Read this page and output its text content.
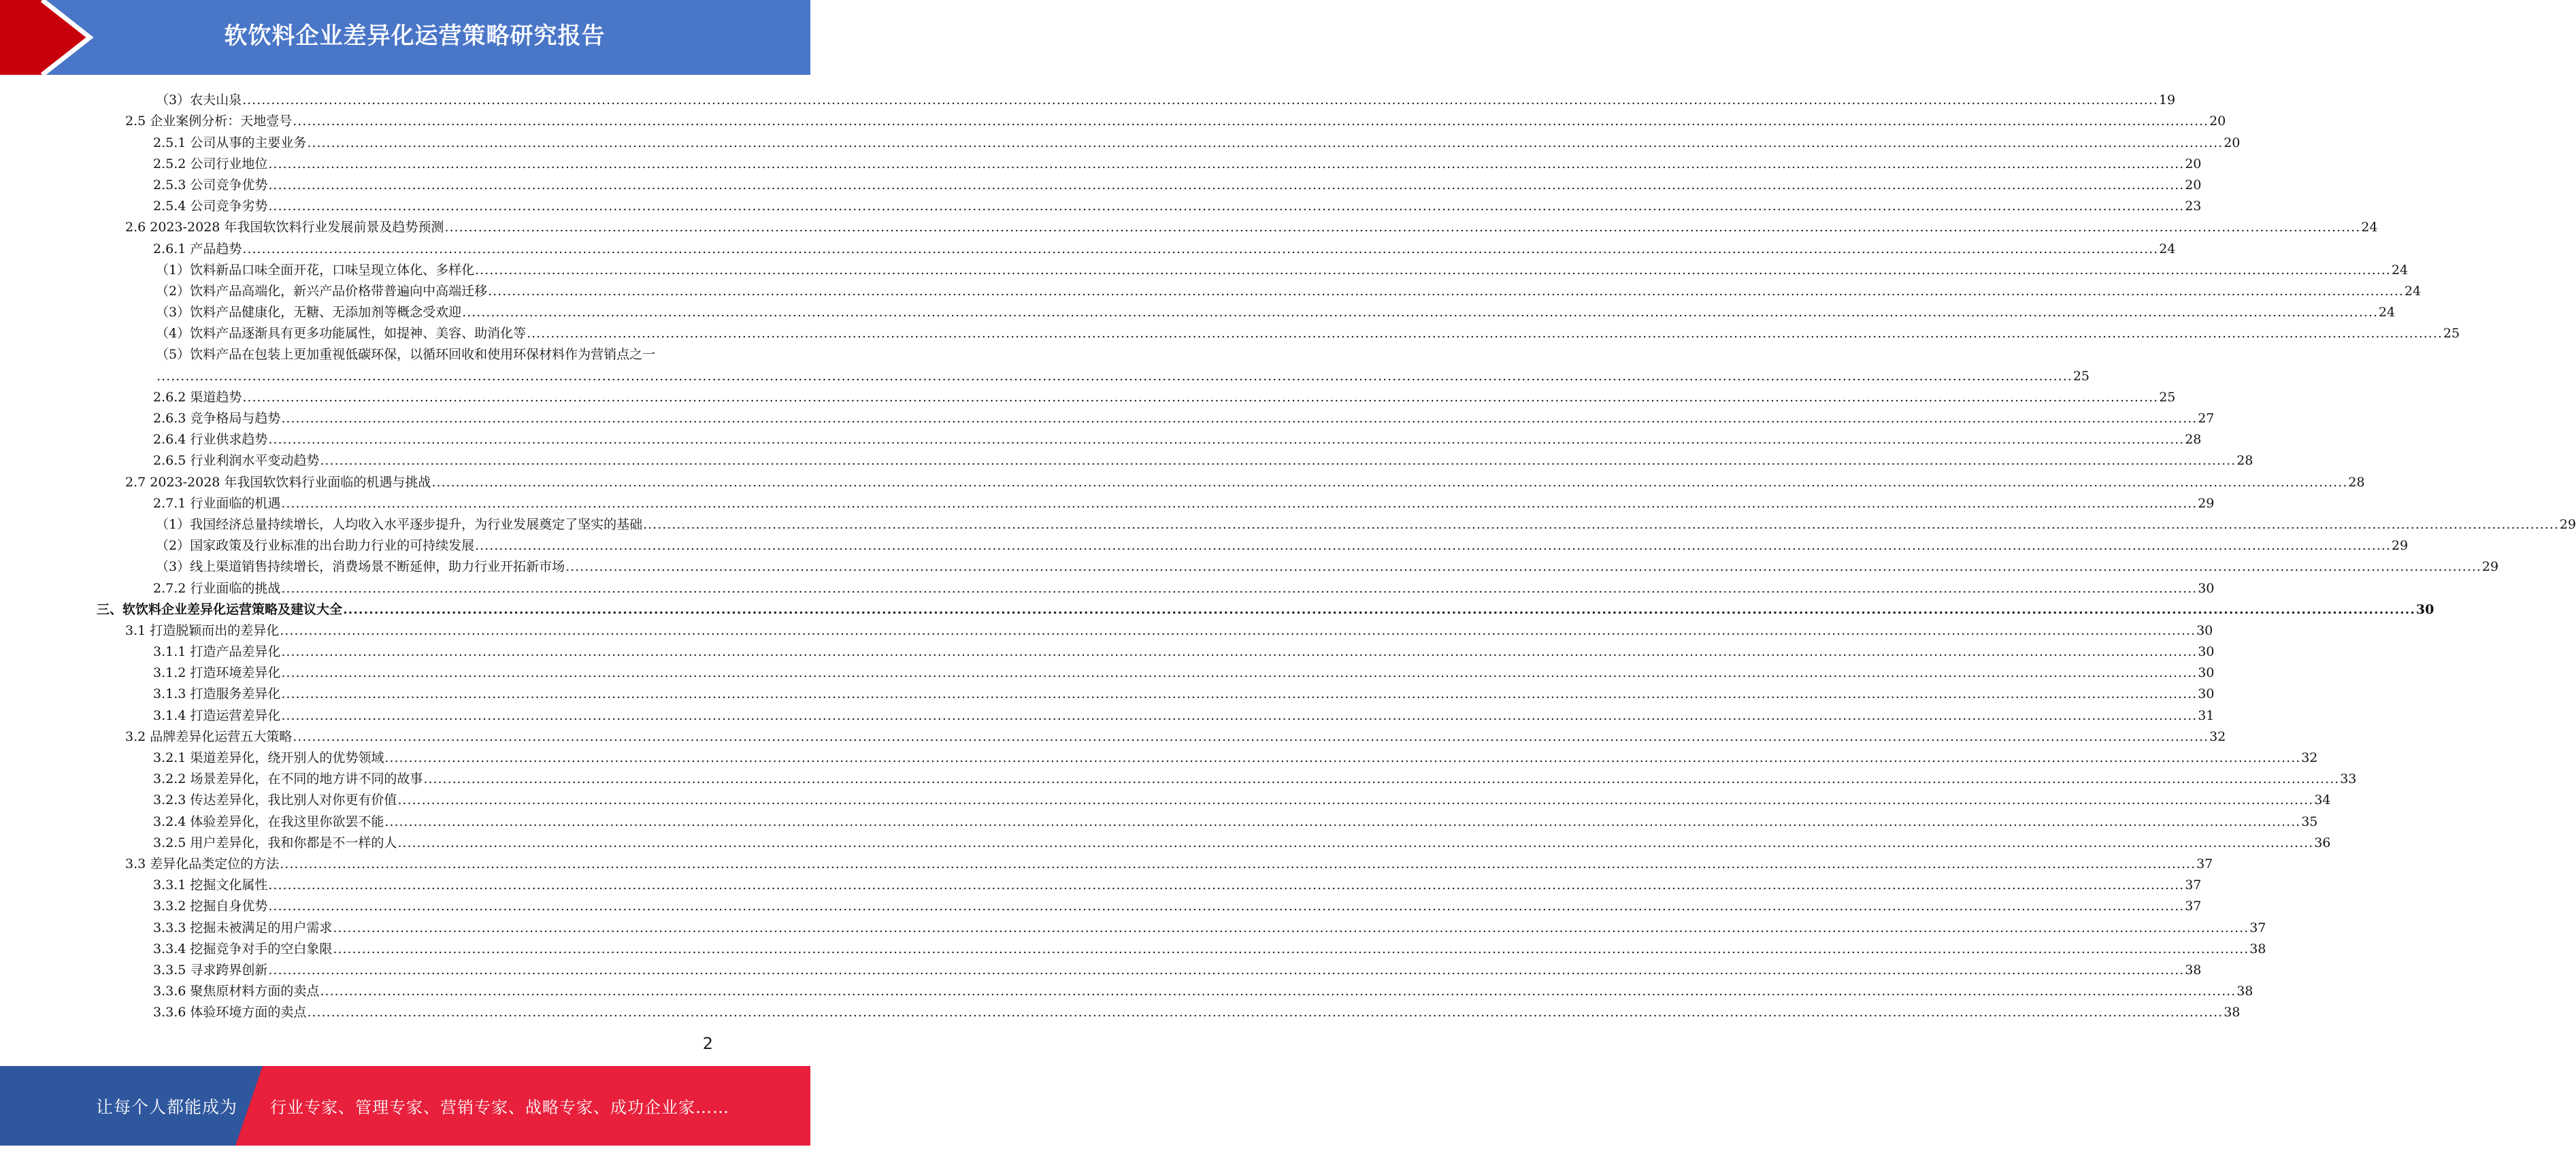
软饮料企业差异化运营策略研究报告
（3）农夫山泉 ................................................................................................................................................................................................................................................................................................................................................................................................................ 19
2.5 企业案例分析：天地壹号 ................................................................................................................................................................................................................................................................................................................................................................................................................ 20
2.5.1 公司从事的主要业务 ................................................................................................................................................................................................................................................................................................................................................................................................................ 20
2.5.2 公司行业地位 ................................................................................................................................................................................................................................................................................................................................................................................................................ 20
2.5.3 公司竞争优势 ................................................................................................................................................................................................................................................................................................................................................................................................................ 20
2.5.4 公司竞争劣势 ................................................................................................................................................................................................................................................................................................................................................................................................................ 23
2.6 2023-2028 年我国软饮料行业发展前景及趋势预测 ................................................................................................................................................................................................................................................................................................................................................................................................................ 24
2.6.1 产品趋势 ................................................................................................................................................................................................................................................................................................................................................................................................................ 24
（1）饮料新品口味全面开花，口味呈现立体化、多样化 ................................................................................................................................................................................................................................................................................................................................................................................................................ 24
（2）饮料产品高端化，新兴产品价格带普遍向中高端迁移 ................................................................................................................................................................................................................................................................................................................................................................................................................ 24
（3）饮料产品健康化，无糖、无添加剂等概念受欢迎 ................................................................................................................................................................................................................................................................................................................................................................................................................ 24
（4）饮料产品逐渐具有更多功能属性，如提神、美容、助消化等 ................................................................................................................................................................................................................................................................................................................................................................................................................ 25
（5）饮料产品在包装上更加重视低碳环保，以循环回收和使用环保材料作为营销点之一
................................................................................................................................................................................................................................................................................................................................................................................................................ 25
2.6.2 渠道趋势 ................................................................................................................................................................................................................................................................................................................................................................................................................ 25
2.6.3 竞争格局与趋势 ................................................................................................................................................................................................................................................................................................................................................................................................................ 27
2.6.4 行业供求趋势 ................................................................................................................................................................................................................................................................................................................................................................................................................ 28
2.6.5 行业利润水平变动趋势 ................................................................................................................................................................................................................................................................................................................................................................................................................ 28
2.7 2023-2028 年我国软饮料行业面临的机遇与挑战 ................................................................................................................................................................................................................................................................................................................................................................................................................ 28
2.7.1 行业面临的机遇 ................................................................................................................................................................................................................................................................................................................................................................................................................ 29
（1）我国经济总量持续增长，人均收入水平逐步提升，为行业发展奠定了坚实的基础 ................................................................................................................................................................................................................................................................................................................................................................................................................ 29
（2）国家政策及行业标准的出台助力行业的可持续发展 ................................................................................................................................................................................................................................................................................................................................................................................................................ 29
（3）线上渠道销售持续增长，消费场景不断延伸，助力行业开拓新市场 ................................................................................................................................................................................................................................................................................................................................................................................................................ 29
2.7.2 行业面临的挑战 ................................................................................................................................................................................................................................................................................................................................................................................................................ 30
三、软饮料企业差异化运营策略及建议大全 ................................................................................................................................................................................................................................................................................................................................................................................................................ 30
3.1 打造脱颖而出的差异化 ................................................................................................................................................................................................................................................................................................................................................................................................................ 30
3.1.1 打造产品差异化 ................................................................................................................................................................................................................................................................................................................................................................................................................ 30
3.1.2 打造环境差异化 ................................................................................................................................................................................................................................................................................................................................................................................................................ 30
3.1.3 打造服务差异化 ................................................................................................................................................................................................................................................................................................................................................................................................................ 30
3.1.4 打造运营差异化 ................................................................................................................................................................................................................................................................................................................................................................................................................ 31
3.2 品牌差异化运营五大策略 ................................................................................................................................................................................................................................................................................................................................................................................................................ 32
3.2.1 渠道差异化，绕开别人的优势领域 ................................................................................................................................................................................................................................................................................................................................................................................................................ 32
3.2.2 场景差异化，在不同的地方讲不同的故事 ................................................................................................................................................................................................................................................................................................................................................................................................................ 33
3.2.3 传达差异化，我比别人对你更有价值 ................................................................................................................................................................................................................................................................................................................................................................................................................ 34
3.2.4 体验差异化，在我这里你欲罢不能 ................................................................................................................................................................................................................................................................................................................................................................................................................ 35
3.2.5 用户差异化，我和你都是不一样的人 ................................................................................................................................................................................................................................................................................................................................................................................................................ 36
3.3 差异化品类定位的方法 ................................................................................................................................................................................................................................................................................................................................................................................................................ 37
3.3.1 挖掘文化属性 ................................................................................................................................................................................................................................................................................................................................................................................................................ 37
3.3.2 挖掘自身优势 ................................................................................................................................................................................................................................................................................................................................................................................................................ 37
3.3.3 挖掘未被满足的用户需求 ................................................................................................................................................................................................................................................................................................................................................................................................................ 37
3.3.4 挖掘竞争对手的空白象限 ................................................................................................................................................................................................................................................................................................................................................................................................................ 38
3.3.5 寻求跨界创新 ................................................................................................................................................................................................................................................................................................................................................................................................................ 38
3.3.6 聚焦原材料方面的卖点 ................................................................................................................................................................................................................................................................................................................................................................................................................ 38
3.3.6 体验环境方面的卖点 ................................................................................................................................................................................................................................................................................................................................................................................................................ 38
2
让每个人都能成为 行业专家、管理专家、营销专家、战略专家、成功企业家……
